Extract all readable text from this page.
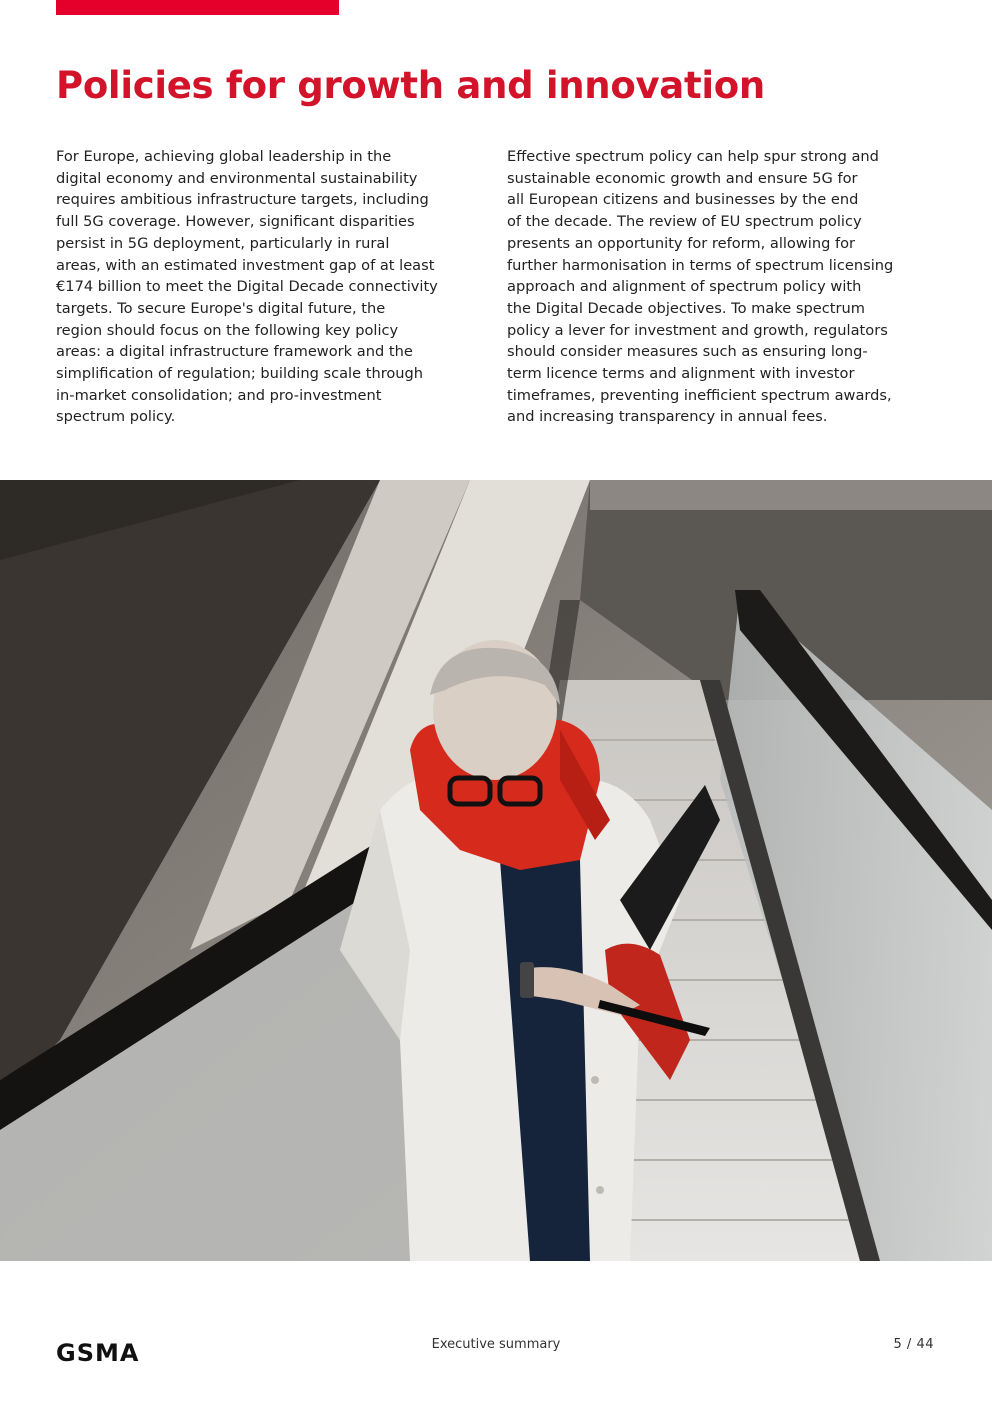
Policies for growth and innovation
For Europe, achieving global leadership in the
digital economy and environmental sustainability
requires ambitious infrastructure targets, including
full 5G coverage. However, significant disparities
persist in 5G deployment, particularly in rural
areas, with an estimated investment gap of at least
€174 billion to meet the Digital Decade connectivity
targets. To secure Europe's digital future, the
region should focus on the following key policy
areas: a digital infrastructure framework and the
simplification of regulation; building scale through
in-market consolidation; and pro-investment
spectrum policy.
Effective spectrum policy can help spur strong and
sustainable economic growth and ensure 5G for
all European citizens and businesses by the end
of the decade. The review of EU spectrum policy
presents an opportunity for reform, allowing for
further harmonisation in terms of spectrum licensing
approach and alignment of spectrum policy with
the Digital Decade objectives. To make spectrum
policy a lever for investment and growth, regulators
should consider measures such as ensuring long-
term licence terms and alignment with investor
timeframes, preventing inefficient spectrum awards,
and increasing transparency in annual fees.
GSMA	Executive summary	5 / 44
